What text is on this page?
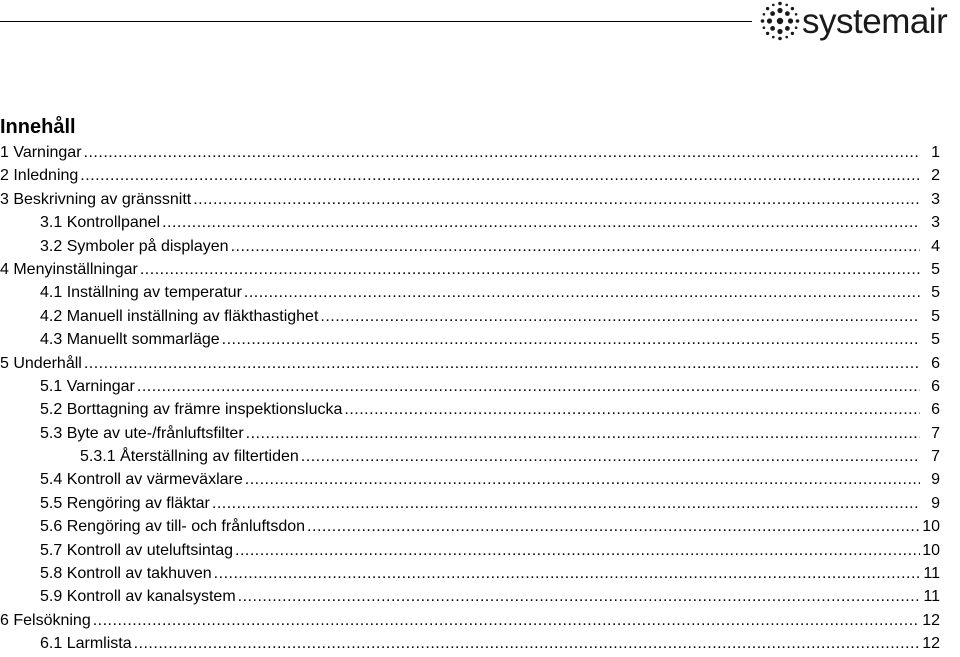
systemair
Innehåll
1 Varningar .....	1
2 Inledning .....	2
3 Beskrivning av gränssnitt .....	3
3.1 Kontrollpanel .....	3
3.2 Symboler på displayen .....	4
4 Menyinställningar .....	5
4.1 Inställning av temperatur .....	5
4.2 Manuell inställning av fläkthastighet .....	5
4.3 Manuellt sommarläge .....	5
5 Underhåll .....	6
5.1 Varningar .....	6
5.2 Borttagning av främre inspektionslucka .....	6
5.3 Byte av ute-/frånluftsfilter .....	7
5.3.1 Återställning av filtertiden .....	7
5.4 Kontroll av värmeväxlare .....	9
5.5 Rengöring av fläktar .....	9
5.6 Rengöring av till- och frånluftsdon .....	10
5.7 Kontroll av uteluftsintag .....	10
5.8 Kontroll av takhuven .....	11
5.9 Kontroll av kanalsystem .....	11
6 Felsökning .....	12
6.1 Larmlista .....	12
